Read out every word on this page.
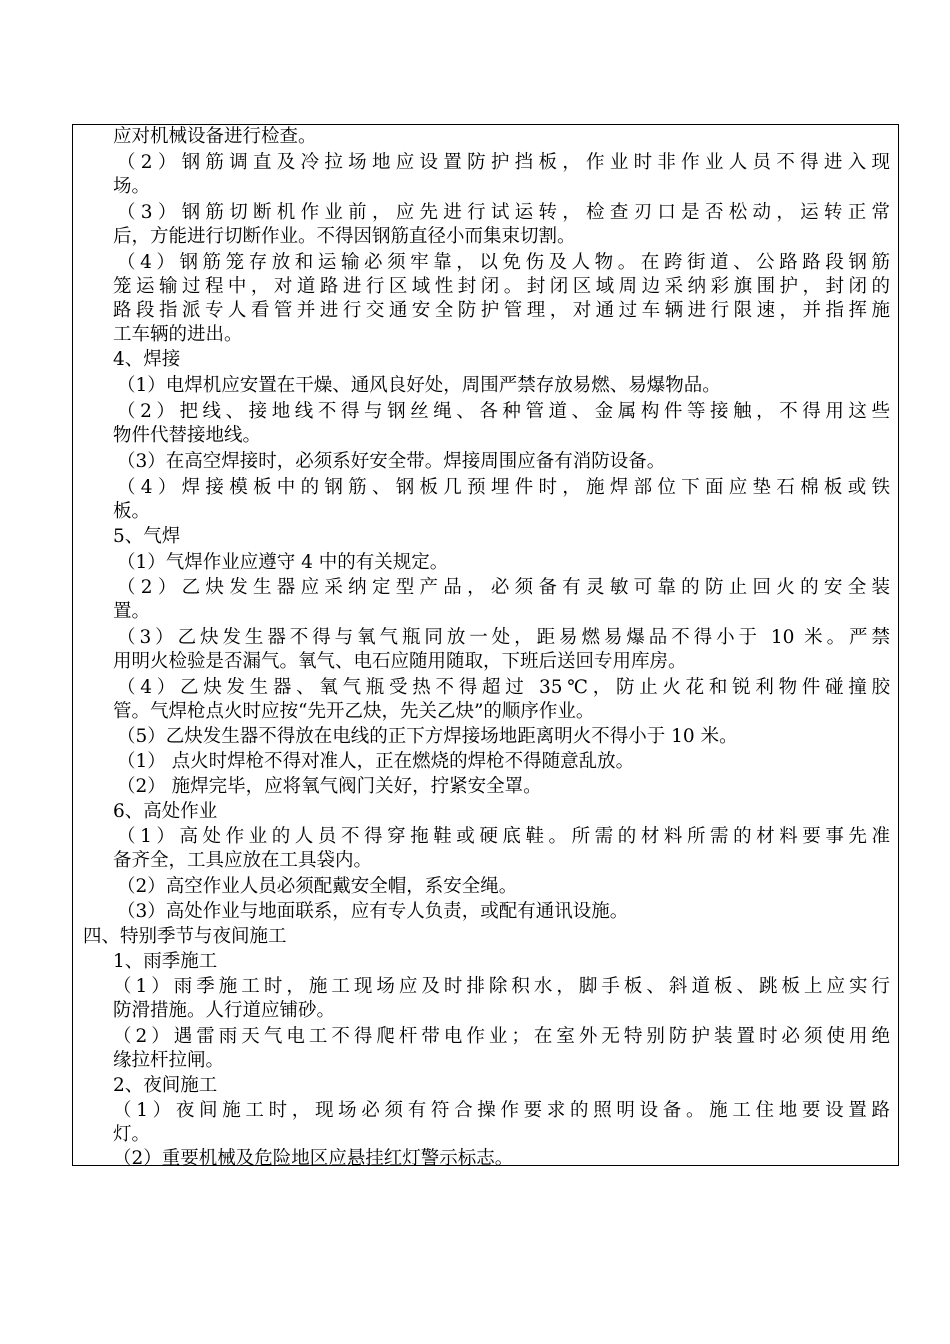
应对机械设备进行检查。
（2）钢筋调直及冷拉场地应设置防护挡板，作业时非作业人员不得进入现
场。
（3）钢筋切断机作业前，应先进行试运转，检查刃口是否松动，运转正常
后，方能进行切断作业。不得因钢筋直径小而集束切割。
（4）钢筋笼存放和运输必须牢靠，以免伤及人物。在跨街道、公路路段钢筋
笼运输过程中，对道路进行区域性封闭。封闭区域周边采纳彩旗围护，封闭的
路段指派专人看管并进行交通安全防护管理，对通过车辆进行限速，并指挥施
工车辆的进出。
4、焊接
（1）电焊机应安置在干燥、通风良好处，周围严禁存放易燃、易爆物品。
（2）把线、接地线不得与钢丝绳、各种管道、金属构件等接触，不得用这些
物件代替接地线。
（3）在高空焊接时，必须系好安全带。焊接周围应备有消防设备。
（4）焊接模板中的钢筋、钢板几预埋件时，施焊部位下面应垫石棉板或铁
板。
5、气焊
（1）气焊作业应遵守 4 中的有关规定。
（2）乙炔发生器应采纳定型产品，必须备有灵敏可靠的防止回火的安全装
置。
（3）乙炔发生器不得与氧气瓶同放一处，距易燃易爆品不得小于 10 米。严禁
用明火检验是否漏气。氧气、电石应随用随取，下班后送回专用库房。
（4）乙炔发生器、氧气瓶受热不得超过 35℃，防止火花和锐利物件碰撞胶
管。气焊枪点火时应按“先开乙炔，先关乙炔”的顺序作业。
（5）乙炔发生器不得放在电线的正下方焊接场地距离明火不得小于 10 米。
（1） 点火时焊枪不得对准人，正在燃烧的焊枪不得随意乱放。
（2） 施焊完毕，应将氧气阀门关好，拧紧安全罩。
6、高处作业
（1）高处作业的人员不得穿拖鞋或硬底鞋。所需的材料所需的材料要事先准
备齐全，工具应放在工具袋内。
（2）高空作业人员必须配戴安全帽，系安全绳。
（3）高处作业与地面联系，应有专人负责，或配有通讯设施。
四、特别季节与夜间施工
1、雨季施工
（1）雨季施工时，施工现场应及时排除积水，脚手板、斜道板、跳板上应实行
防滑措施。人行道应铺砂。
（2）遇雷雨天气电工不得爬杆带电作业；在室外无特别防护装置时必须使用绝
缘拉杆拉闸。
2、夜间施工
（1）夜间施工时，现场必须有符合操作要求的照明设备。施工住地要设置路
灯。
（2）重要机械及危险地区应悬挂红灯警示标志。
